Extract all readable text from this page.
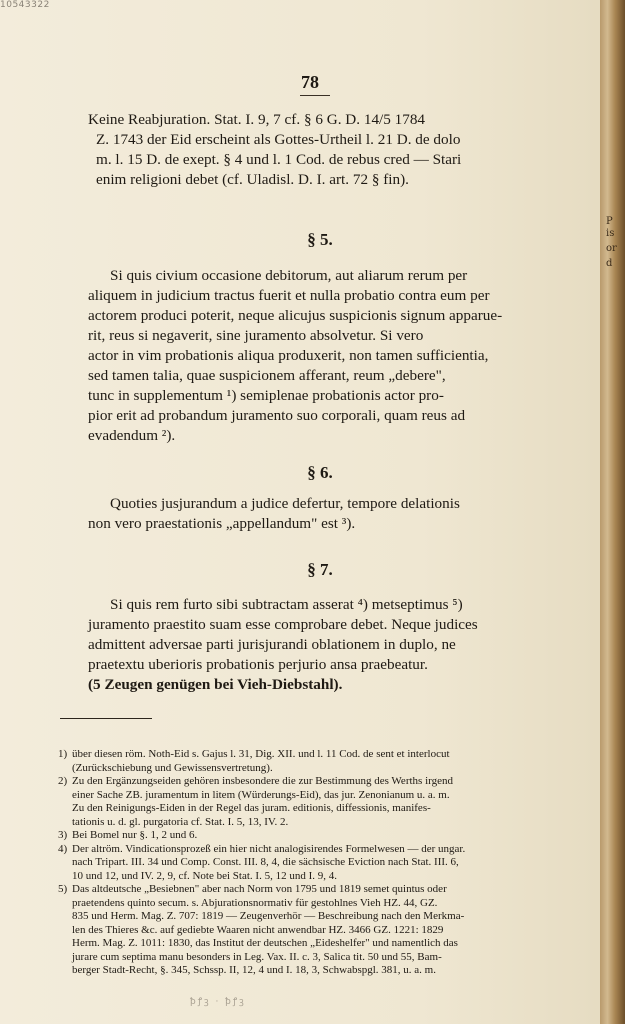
P
is
or
d
10543322
78
Keine Reabjuration. Stat. I. 9, 7 cf. § 6 G. D. 14/5 1784
Z. 1743 der Eid erscheint als Gottes-Urtheil l. 21 D. de dolo
m. l. 15 D. de exept. § 4 und l. 1 Cod. de rebus cred — Stari
enim religioni debet (cf. Uladisl. D. I. art. 72 § fin).
§ 5.
Si quis civium occasione debitorum, aut aliarum rerum per
aliquem in judicium tractus fuerit et nulla probatio contra eum per
actorem produci poterit, neque alicujus suspicionis signum apparue-
rit, reus si negaverit, sine juramento absolvetur. Si vero
actor in vim probationis aliqua produxerit, non tamen sufficientia,
sed tamen talia, quae suspicionem afferant, reum „debere",
tunc in supplementum ¹) semiplenae probationis actor pro-
pior erit ad probandum juramento suo corporali, quam reus ad
evadendum ²).
§ 6.
Quoties jusjurandum a judice defertur, tempore delationis
non vero praestationis „appellandum" est ³).
§ 7.
Si quis rem furto sibi subtractam asserat ⁴) metseptimus ⁵)
juramento praestito suam esse comprobare debet. Neque judices
admittent adversae parti jurisjurandi oblationem in duplo, ne
praetextu uberioris probationis perjurio ansa praebeatur.
(5 Zeugen genügen bei Vieh-Diebstahl).
1) über diesen röm. Noth-Eid s. Gajus l. 31, Dig. XII. und l. 11 Cod. de sent et interlocut
(Zurückschiebung und Gewissensvertretung).
2) Zu den Ergänzungseiden gehören insbesondere die zur Bestimmung des Werths irgend
einer Sache ZB. juramentum in litem (Würderungs-Eid), das jur. Zenonianum u. a. m.
Zu den Reinigungs-Eiden in der Regel das juram. editionis, diffessionis, manifes-
tationis u. d. gl. purgatoria cf. Stat. I. 5, 13, IV. 2.
3) Bei Bomel nur §. 1, 2 und 6.
4) Der altröm. Vindicationsprozeß ein hier nicht analogisirendes Formelwesen — der ungar.
nach Tripart. III. 34 und Comp. Const. III. 8, 4, die sächsische Eviction nach Stat. III. 6,
10 und 12, und IV. 2, 9, cf. Note bei Stat. I. 5, 12 und I. 9, 4.
5) Das altdeutsche „Besiebnen" aber nach Norm von 1795 und 1819 semet quintus oder
praetendens quinto secum. s. Abjurationsnormativ für gestohlnes Vieh HZ. 44, GZ.
835 und Herm. Mag. Z. 707: 1819 — Zeugenverhör — Beschreibung nach den Merkma-
len des Thieres &c. auf gediebte Waaren nicht anwendbar HZ. 3466 GZ. 1221: 1829
Herm. Mag. Z. 1011: 1830, das Institut der deutschen „Eideshelfer" und namentlich das
jurare cum septima manu besonders in Leg. Vax. II. c. 3, Salica tit. 50 und 55, Bam-
berger Stadt-Recht, §. 345, Schssp. II, 12, 4 und I. 18, 3, Schwabspgl. 381, u. a. m.
ꝥꝭꝫ · ꝥꝭꝫ
